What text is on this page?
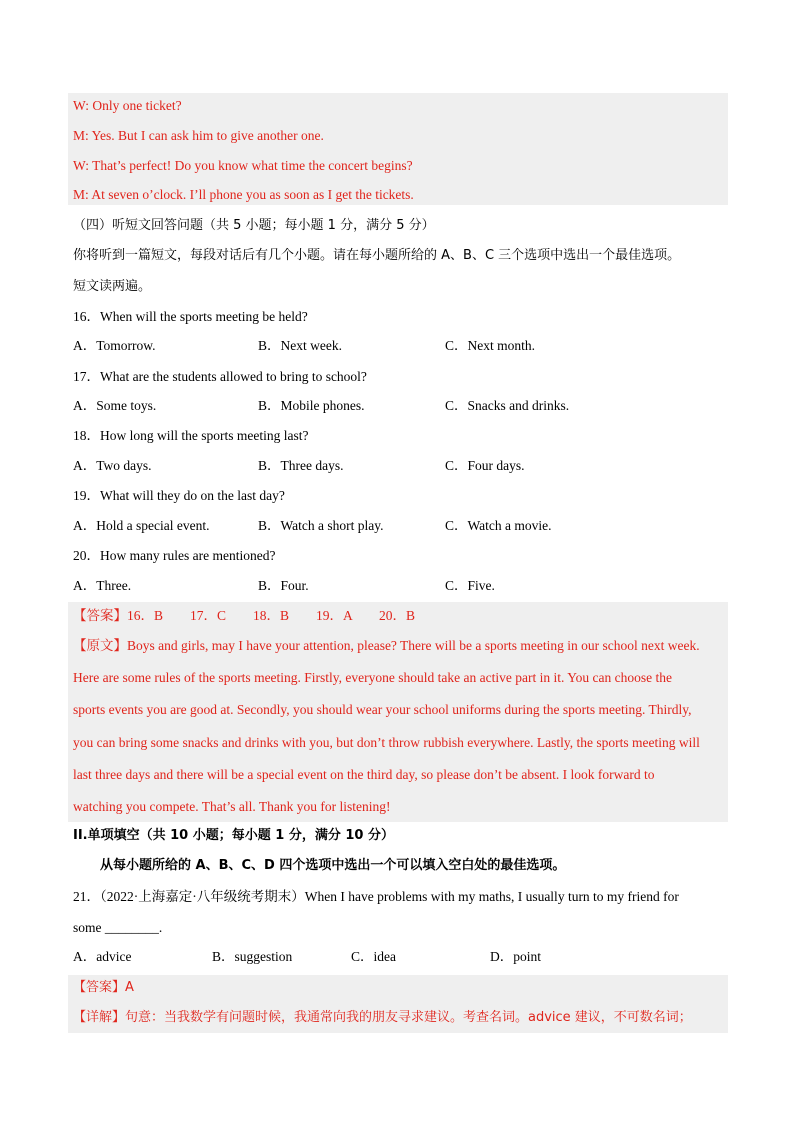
W: Only one ticket?
M: Yes. But I can ask him to give another one.
W: That’s perfect! Do you know what time the concert begins?
M: At seven o’clock. I’ll phone you as soon as I get the tickets.
（四）听短文回答问题（共 5 小题；每小题 1 分，满分 5 分）
你将听到一篇短文，每段对话后有几个小题。请在每小题所给的 A、B、C 三个选项中选出一个最佳选项。
短文读两遍。
16．When will the sports meeting be held?
A．Tomorrow.	B．Next week.	C．Next month.
17．What are the students allowed to bring to school?
A．Some toys.	B．Mobile phones.	C．Snacks and drinks.
18．How long will the sports meeting last?
A．Two days.	B．Three days.	C．Four days.
19．What will they do on the last day?
A．Hold a special event.	B．Watch a short play.	C．Watch a movie.
20．How many rules are mentioned?
A．Three.	B．Four.	C．Five.
【答案】16．B　　17．C　　18．B　　19．A　　20．B
【原文】Boys and girls, may I have your attention, please? There will be a sports meeting in our school next week.
Here are some rules of the sports meeting. Firstly, everyone should take an active part in it. You can choose the
sports events you are good at. Secondly, you should wear your school uniforms during the sports meeting. Thirdly,
you can bring some snacks and drinks with you, but don’t throw rubbish everywhere. Lastly, the sports meeting will
last three days and there will be a special event on the third day, so please don’t be absent. I look forward to
watching you compete. That’s all. Thank you for listening!
II.单项填空（共 10 小题；每小题 1 分，满分 10 分）
从每小题所给的 A、B、C、D 四个选项中选出一个可以填入空白处的最佳选项。
21．（2022·上海嘉定·八年级统考期末）When I have problems with my maths, I usually turn to my friend for
some ________.
A．advice	B．suggestion	C．idea	D．point
【答案】A
【详解】句意：当我数学有问题时候，我通常向我的朋友寻求建议。考查名词。advice 建议，不可数名词；
